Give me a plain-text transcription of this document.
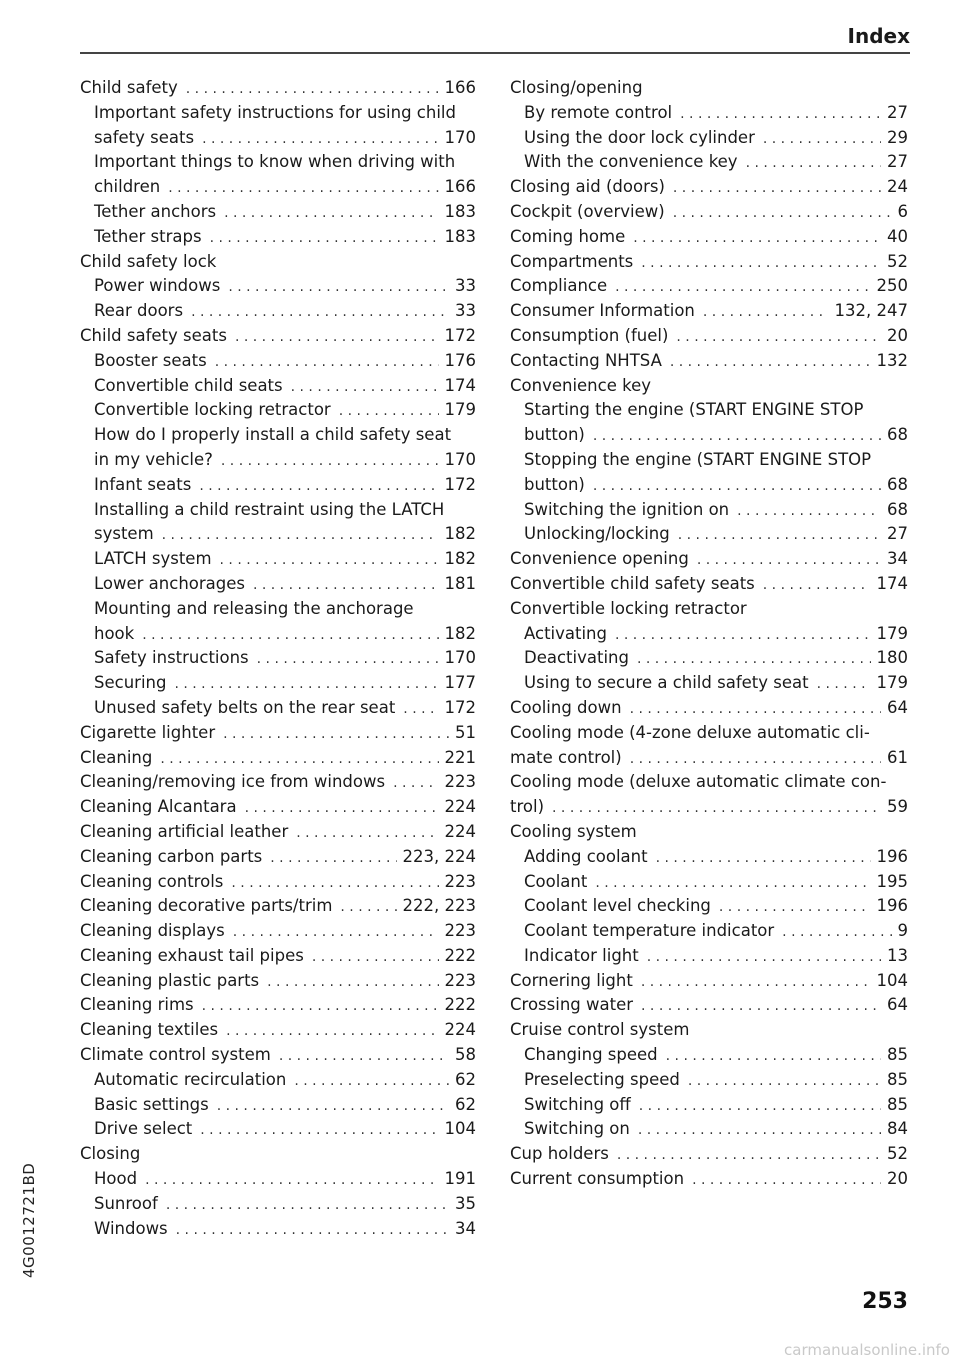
Index
Child safety . . .	166
Important safety instructions for using child
safety seats . . .	170
Important things to know when driving with
children . . .	166
Tether anchors . . .	183
Tether straps . . .	183
Child safety lock
Power windows . . .	33
Rear doors . . .	33
Child safety seats . . .	172
Booster seats . . .	176
Convertible child seats . . .	174
Convertible locking retractor . . .	179
How do I properly install a child safety seat
in my vehicle? . . .	170
Infant seats . . .	172
Installing a child restraint using the LATCH
system . . .	182
LATCH system . . .	182
Lower anchorages . . .	181
Mounting and releasing the anchorage
hook . . .	182
Safety instructions . . .	170
Securing . . .	177
Unused safety belts on the rear seat . . .	172
Cigarette lighter . . .	51
Cleaning . . .	221
Cleaning/removing ice from windows . . .	223
Cleaning Alcantara . . .	224
Cleaning artificial leather . . .	224
Cleaning carbon parts . . .	223, 224
Cleaning controls . . .	223
Cleaning decorative parts/trim . . .	222, 223
Cleaning displays . . .	223
Cleaning exhaust tail pipes . . .	222
Cleaning plastic parts . . .	223
Cleaning rims . . .	222
Cleaning textiles . . .	224
Climate control system . . .	58
Automatic recirculation . . .	62
Basic settings . . .	62
Drive select . . .	104
Closing
Hood . . .	191
Sunroof . . .	35
Windows . . .	34
Closing/opening
By remote control . . .	27
Using the door lock cylinder . . .	29
With the convenience key . . .	27
Closing aid (doors) . . .	24
Cockpit (overview) . . .	6
Coming home . . .	40
Compartments . . .	52
Compliance . . .	250
Consumer Information . . .	132, 247
Consumption (fuel) . . .	20
Contacting NHTSA . . .	132
Convenience key
Starting the engine (START ENGINE STOP
button) . . .	68
Stopping the engine (START ENGINE STOP
button) . . .	68
Switching the ignition on . . .	68
Unlocking/locking . . .	27
Convenience opening . . .	34
Convertible child safety seats . . .	174
Convertible locking retractor
Activating . . .	179
Deactivating . . .	180
Using to secure a child safety seat . . .	179
Cooling down . . .	64
Cooling mode (4-zone deluxe automatic cli-
mate control) . . .	61
Cooling mode (deluxe automatic climate con-
trol) . . .	59
Cooling system
Adding coolant . . .	196
Coolant . . .	195
Coolant level checking . . .	196
Coolant temperature indicator . . .	9
Indicator light . . .	13
Cornering light . . .	104
Crossing water . . .	64
Cruise control system
Changing speed . . .	85
Preselecting speed . . .	85
Switching off . . .	85
Switching on . . .	84
Cup holders . . .	52
Current consumption . . .	20
4G0012721BD
253
carmanualsonline.info
